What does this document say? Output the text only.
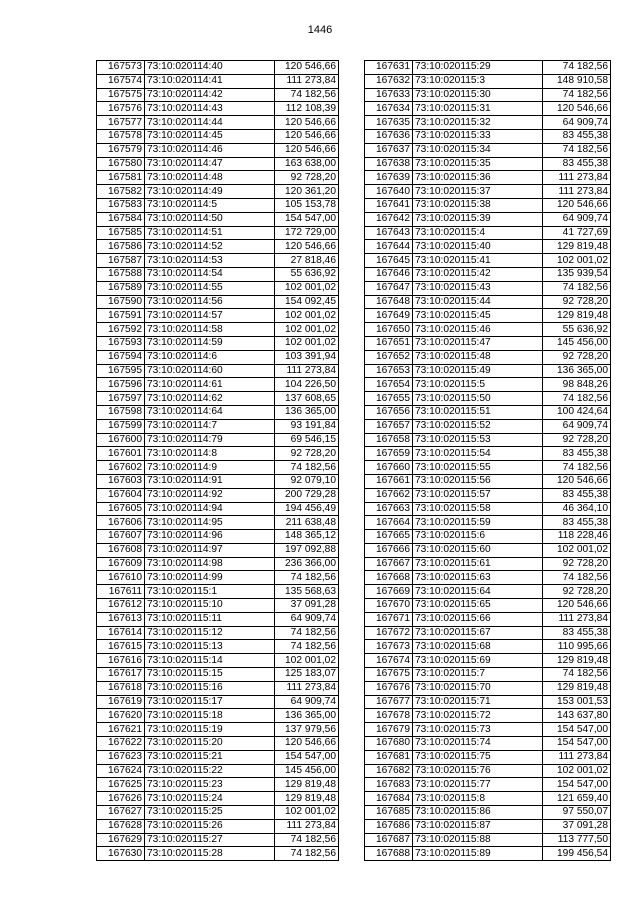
1446
167573	73:10:020114:40	120 546,66
167574	73:10:020114:41	111 273,84
167575	73:10:020114:42	74 182,56
167576	73:10:020114:43	112 108,39
167577	73:10:020114:44	120 546,66
167578	73:10:020114:45	120 546,66
167579	73:10:020114:46	120 546,66
167580	73:10:020114:47	163 638,00
167581	73:10:020114:48	92 728,20
167582	73:10:020114:49	120 361,20
167583	73:10:020114:5	105 153,78
167584	73:10:020114:50	154 547,00
167585	73:10:020114:51	172 729,00
167586	73:10:020114:52	120 546,66
167587	73:10:020114:53	27 818,46
167588	73:10:020114:54	55 636,92
167589	73:10:020114:55	102 001,02
167590	73:10:020114:56	154 092,45
167591	73:10:020114:57	102 001,02
167592	73:10:020114:58	102 001,02
167593	73:10:020114:59	102 001,02
167594	73:10:020114:6	103 391,94
167595	73:10:020114:60	111 273,84
167596	73:10:020114:61	104 226,50
167597	73:10:020114:62	137 608,65
167598	73:10:020114:64	136 365,00
167599	73:10:020114:7	93 191,84
167600	73:10:020114:79	69 546,15
167601	73:10:020114:8	92 728,20
167602	73:10:020114:9	74 182,56
167603	73:10:020114:91	92 079,10
167604	73:10:020114:92	200 729,28
167605	73:10:020114:94	194 456,49
167606	73:10:020114:95	211 638,48
167607	73:10:020114:96	148 365,12
167608	73:10:020114:97	197 092,88
167609	73:10:020114:98	236 366,00
167610	73:10:020114:99	74 182,56
167611	73:10:020115:1	135 568,63
167612	73:10:020115:10	37 091,28
167613	73:10:020115:11	64 909,74
167614	73:10:020115:12	74 182,56
167615	73:10:020115:13	74 182,56
167616	73:10:020115:14	102 001,02
167617	73:10:020115:15	125 183,07
167618	73:10:020115:16	111 273,84
167619	73:10:020115:17	64 909,74
167620	73:10:020115:18	136 365,00
167621	73:10:020115:19	137 979,56
167622	73:10:020115:20	120 546,66
167623	73:10:020115:21	154 547,00
167624	73:10:020115:22	145 456,00
167625	73:10:020115:23	129 819,48
167626	73:10:020115:24	129 819,48
167627	73:10:020115:25	102 001,02
167628	73:10:020115:26	111 273,84
167629	73:10:020115:27	74 182,56
167630	73:10:020115:28	74 182,56
167631	73:10:020115:29	74 182,56
167632	73:10:020115:3	148 910,58
167633	73:10:020115:30	74 182,56
167634	73:10:020115:31	120 546,66
167635	73:10:020115:32	64 909,74
167636	73:10:020115:33	83 455,38
167637	73:10:020115:34	74 182,56
167638	73:10:020115:35	83 455,38
167639	73:10:020115:36	111 273,84
167640	73:10:020115:37	111 273,84
167641	73:10:020115:38	120 546,66
167642	73:10:020115:39	64 909,74
167643	73:10:020115:4	41 727,69
167644	73:10:020115:40	129 819,48
167645	73:10:020115:41	102 001,02
167646	73:10:020115:42	135 939,54
167647	73:10:020115:43	74 182,56
167648	73:10:020115:44	92 728,20
167649	73:10:020115:45	129 819,48
167650	73:10:020115:46	55 636,92
167651	73:10:020115:47	145 456,00
167652	73:10:020115:48	92 728,20
167653	73:10:020115:49	136 365,00
167654	73:10:020115:5	98 848,26
167655	73:10:020115:50	74 182,56
167656	73:10:020115:51	100 424,64
167657	73:10:020115:52	64 909,74
167658	73:10:020115:53	92 728,20
167659	73:10:020115:54	83 455,38
167660	73:10:020115:55	74 182,56
167661	73:10:020115:56	120 546,66
167662	73:10:020115:57	83 455,38
167663	73:10:020115:58	46 364,10
167664	73:10:020115:59	83 455,38
167665	73:10:020115:6	118 228,46
167666	73:10:020115:60	102 001,02
167667	73:10:020115:61	92 728,20
167668	73:10:020115:63	74 182,56
167669	73:10:020115:64	92 728,20
167670	73:10:020115:65	120 546,66
167671	73:10:020115:66	111 273,84
167672	73:10:020115:67	83 455,38
167673	73:10:020115:68	110 995,66
167674	73:10:020115:69	129 819,48
167675	73:10:020115:7	74 182,56
167676	73:10:020115:70	129 819,48
167677	73:10:020115:71	153 001,53
167678	73:10:020115:72	143 637,80
167679	73:10:020115:73	154 547,00
167680	73:10:020115:74	154 547,00
167681	73:10:020115:75	111 273,84
167682	73:10:020115:76	102 001,02
167683	73:10:020115:77	154 547,00
167684	73:10:020115:8	121 659,40
167685	73:10:020115:86	97 550,07
167686	73:10:020115:87	37 091,28
167687	73:10:020115:88	113 777,50
167688	73:10:020115:89	199 456,54
